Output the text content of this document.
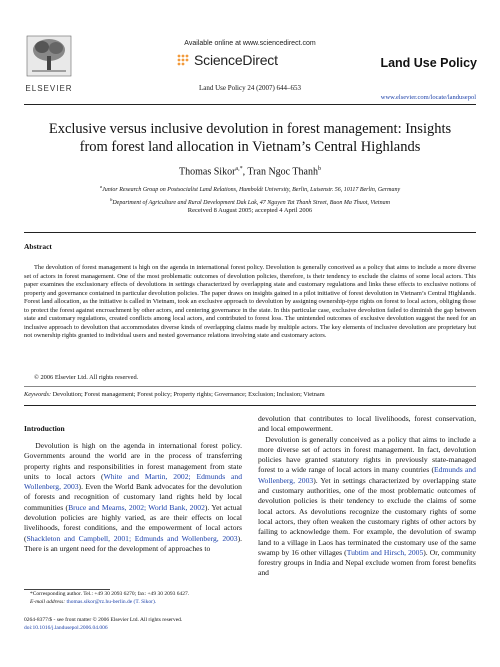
ELSEVIER
Available online at www.sciencedirect.com
ScienceDirect	Land Use Policy
Land Use Policy 24 (2007) 644–653
www.elsevier.com/locate/landusepol
Exclusive versus inclusive devolution in forest management: Insights
from forest land allocation in Vietnam’s Central Highlands
Thomas Sikor$^{a,*}$, Tran Ngoc Thanh$^b$
$^a$Junior Research Group on Postsocialist Land Relations, Humboldt University, Berlin, Luisenstr. 56, 10117 Berlin, Germany
$^b$Department of Agriculture and Rural Development Dak Lak, 47 Nguyen Tat Thanh Street, Buon Ma Thuot, Vietnam
Received 8 August 2005; accepted 4 April 2006
Abstract

The devolution of forest management is high on the agenda in international forest policy. Devolution is generally conceived as a policy that aims to include a more diverse set of actors in forest management. One of the most problematic outcomes of devolution policies, therefore, is their tendency to exclude the claims of some local actors. This paper examines the exclusionary effects of devolutions in settings characterized by overlapping state and customary regulations and links these effects to exclusive notions of property and governance contained in particular devolution policies. The paper draws on insights gained in a pilot initiative of forest devolution in Vietnam’s Central Highlands. Forest land allocation, as the initiative is called in Vietnam, took an exclusive approach to devolution by assigning ownership-type rights on forest to local actors, obliging those to protect the forest against encroachment by other actors, and centering governance in the state. In this particular case, exclusive devolution failed to diminish the gap between state and customary regulations, created conflicts among local actors, and contributed to forest loss. The unintended outcomes of exclusive devolution suggest the need for an inclusive approach to devolution that accommodates diverse kinds of overlapping claims made by multiple actors. The key elements of inclusive devolution are proprietary but not ownership rights granted to individual users and nested governance relations involving state and customary actors.

© 2006 Elsevier Ltd. All rights reserved.
Keywords: Devolution; Forest management; Forest policy; Property rights; Governance; Exclusion; Inclusion; Vietnam
Introduction

Devolution is high on the agenda in international forest policy. Governments around the world are in the process of transferring property rights and responsibilities in forest management from state units to local actors (White and Martin, 2002; Edmunds and Wollenberg, 2003). Even the World Bank advocates for the devolution of forests and recognition of customary land rights held by local communities (Bruce and Mearns, 2002; World Bank, 2002). Yet actual devolution policies are highly varied, as are their effects on local livelihoods, forest conditions, and the empowerment of local actors (Shackleton and Campbell, 2001; Edmunds and Wollenberg, 2003). There is an urgent need for the development of approaches to

devolution that contributes to local livelihoods, forest conservation, and local empowerment.
Devolution is generally conceived as a policy that aims to include a more diverse set of actors in forest management. In fact, devolution policies have granted statutory rights in previously state-managed forest to a wide range of local actors in many countries (Edmunds and Wollenberg, 2003). Yet in settings characterized by overlapping state and customary authorities, one of the most problematic outcomes of devolution policies is their tendency to exclude the claims of some local actors. As devolutions recognize the customary rights of some local actors, they often weaken the customary rights of other actors by failing to acknowledge them. For example, the devolution of swamp land to a village in Laos has terminated the customary use of the same swamp by 16 other villages (Tubtim and Hirsch, 2005). Or, community forestry groups in India and Nepal exclude women from forest benefits and

*Corresponding author. Tel.: +49 30 2093 6270; fax: +49 30 2093 6427.
E-mail address: thomas.sikor@rz.hu-berlin.de (T. Sikor).
0264-8377/$ - see front matter © 2006 Elsevier Ltd. All rights reserved.
doi:10.1016/j.landusepol.2006.04.006
